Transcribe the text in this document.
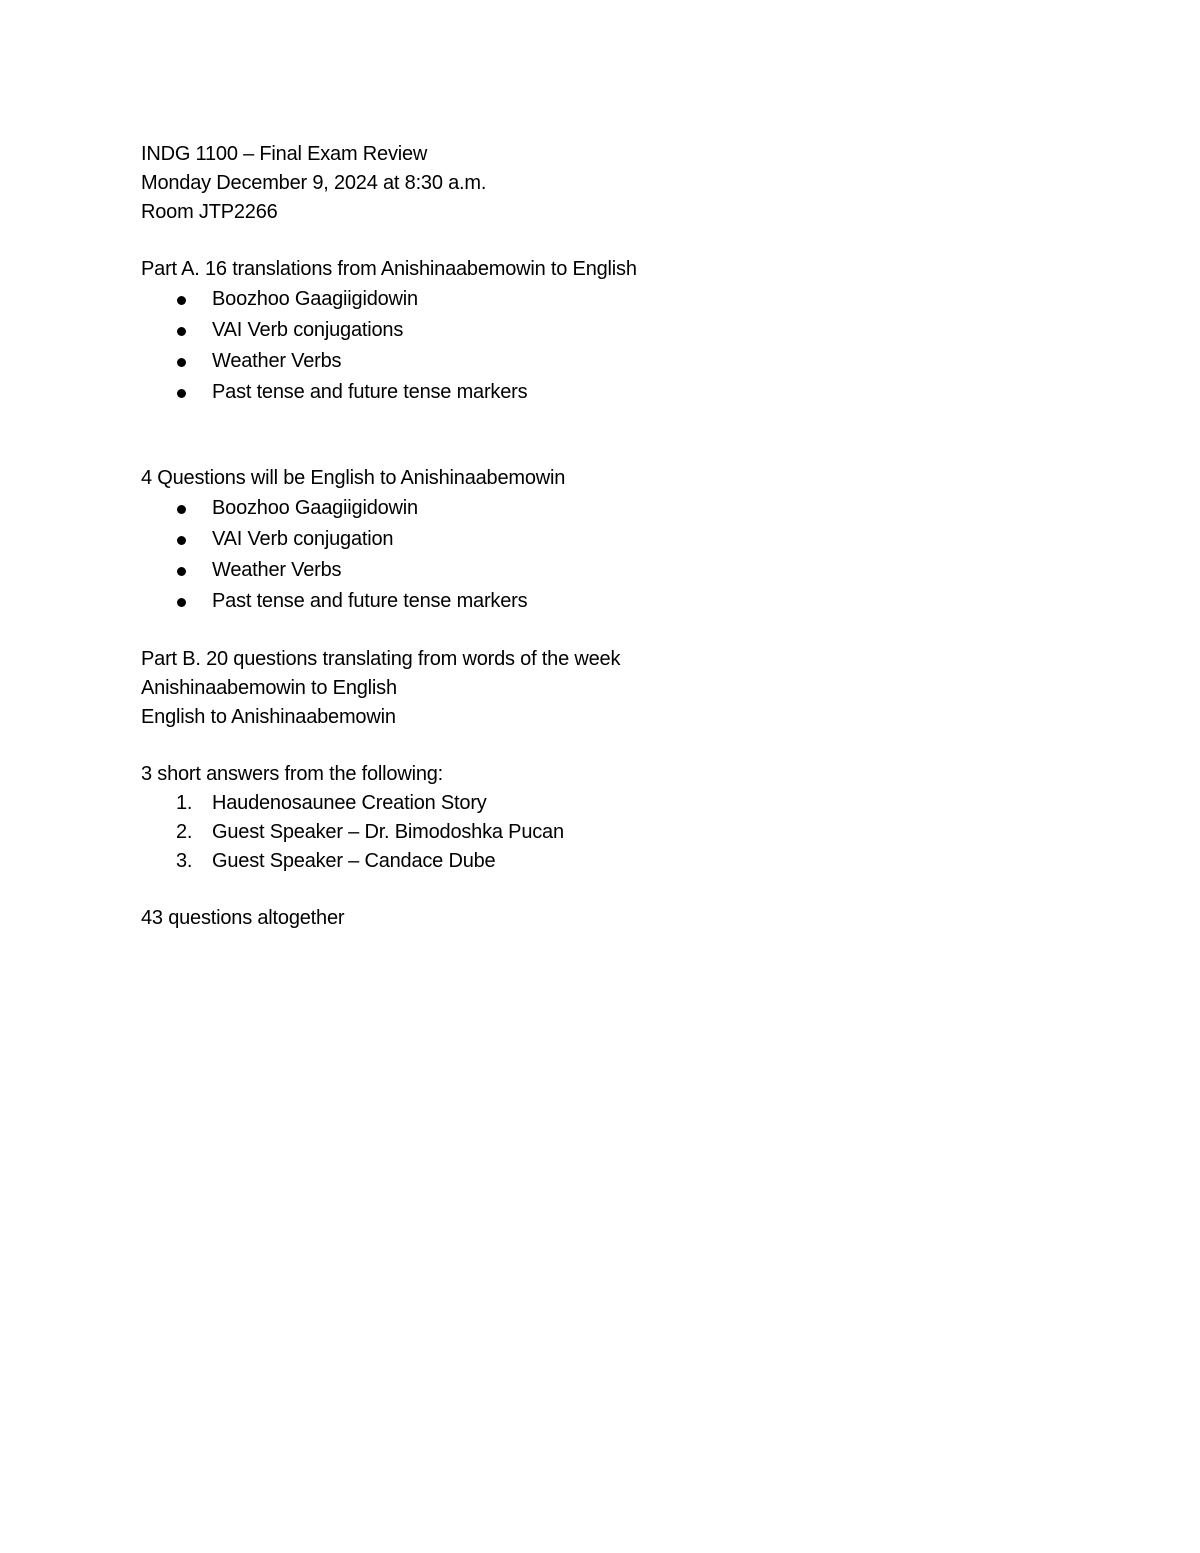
INDG 1100 – Final Exam Review
Monday December 9, 2024 at 8:30 a.m.
Room JTP2266
Part A. 16 translations from Anishinaabemowin to English
Boozhoo Gaagiigidowin
VAI Verb conjugations
Weather Verbs
Past tense and future tense markers
4 Questions will be English to Anishinaabemowin
Boozhoo Gaagiigidowin
VAI Verb conjugation
Weather Verbs
Past tense and future tense markers
Part B. 20 questions translating from words of the week
Anishinaabemowin to English
English to Anishinaabemowin
3 short answers from the following:
1. Haudenosaunee Creation Story
2. Guest Speaker – Dr. Bimodoshka Pucan
3. Guest Speaker – Candace Dube
43 questions altogether
